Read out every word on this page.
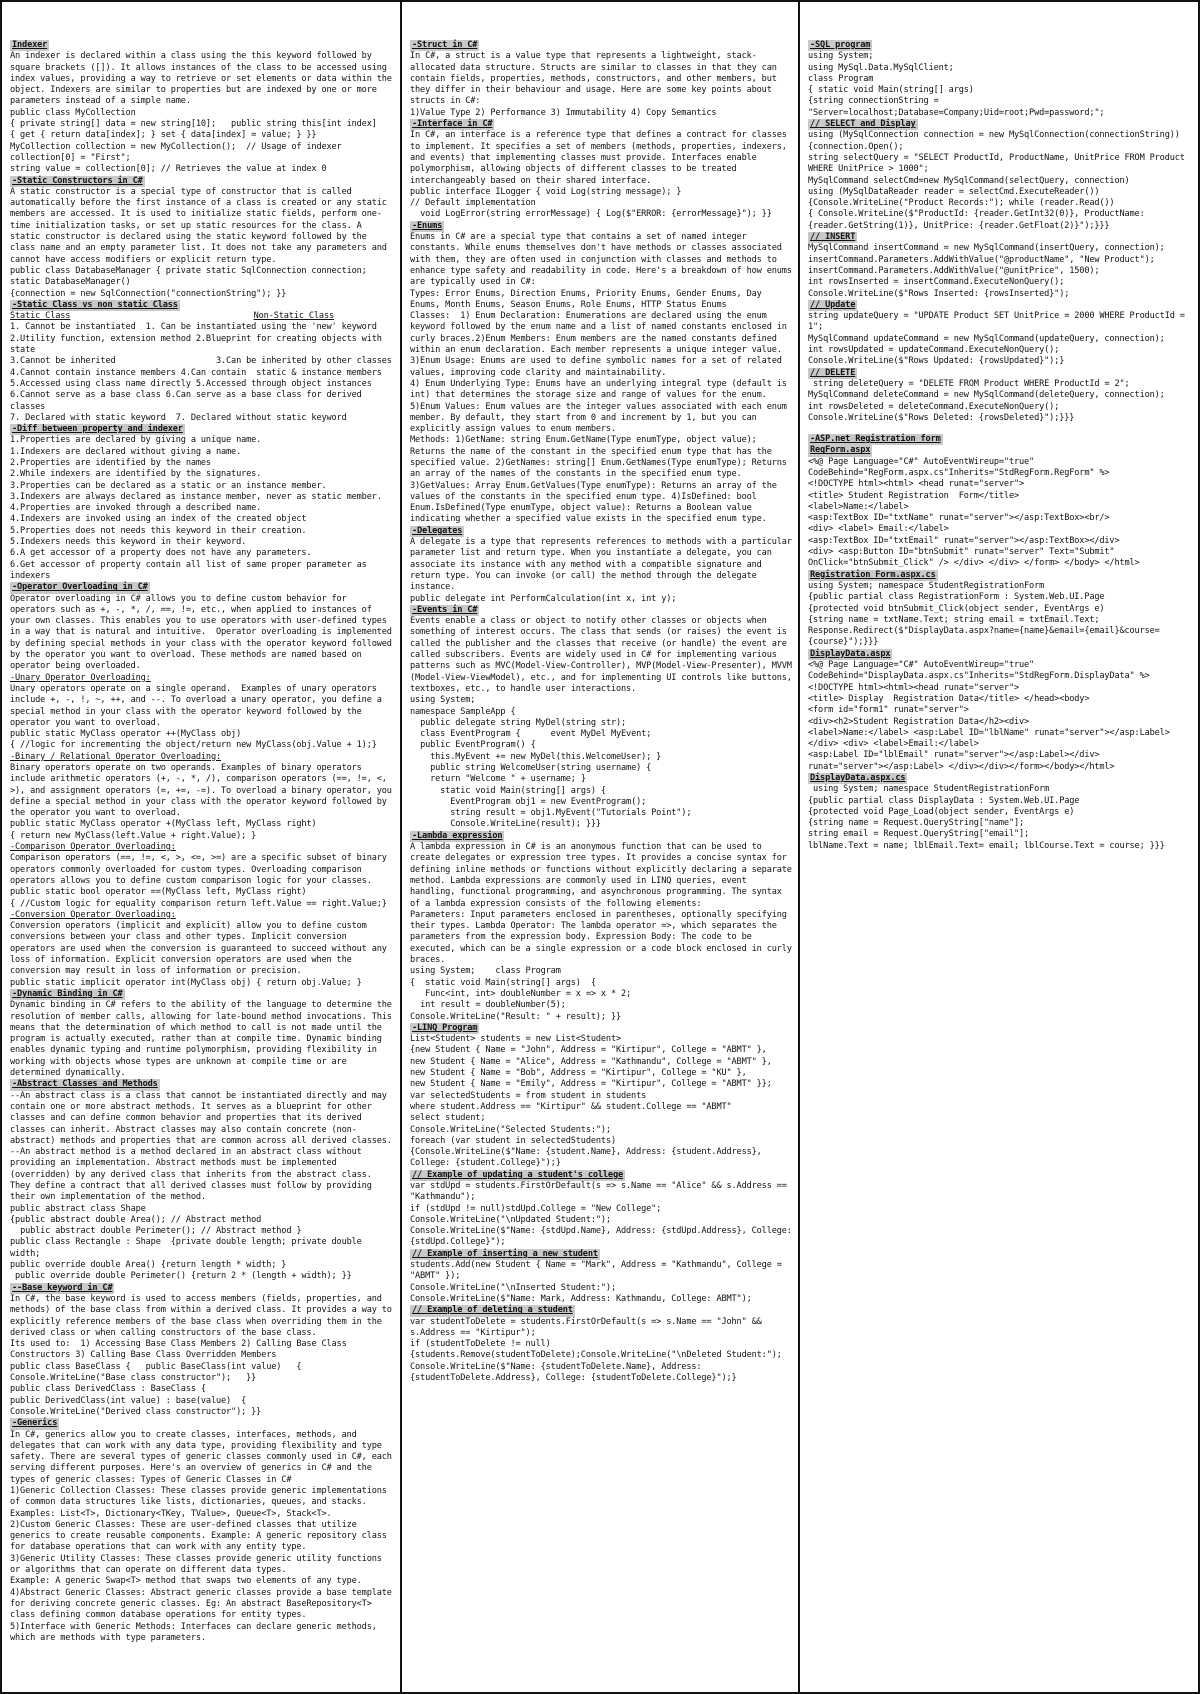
Indexer
An indexer is declared within a class using the this keyword followed by square brackets ([]). It allows instances of the class to be accessed using index values, providing a way to retrieve or set elements or data within the object. Indexers are similar to properties but are indexed by one or more parameters instead of a simple name.
public class MyCollection
{ private string[] data = new string[10];   public string this[int index]
{ get { return data[index]; } set { data[index] = value; } }}
MyCollection collection = new MyCollection();  // Usage of indexer
collection[0] = "First";
string value = collection[0]; // Retrieves the value at index 0
-Static Constructors in C#
A static constructor is a special type of constructor that is called automatically before the first instance of a class is created or any static members are accessed. It is used to initialize static fields, perform one-time initialization tasks, or set up static resources for the class. A static constructor is declared using the static keyword followed by the class name and an empty parameter list. It does not take any parameters and cannot have access modifiers or explicit return type.
public class DatabaseManager { private static SqlConnection connection;
static DatabaseManager()
{connection = new SqlConnection("connectionString"); }}
-Static Class vs non static Class
Static Class	Non-Static Class
1. Cannot be instantiated  1. Can be instantiated using the 'new' keyword
2.Utility function, extension method 2.Blueprint for creating objects with state
3.Cannot be inherited                    3.Can be inherited by other classes
4.Cannot contain instance members 4.Can contain  static & instance members
5.Accessed using class name directly 5.Accessed through object instances
6.Cannot serve as a base class 6.Can serve as a base class for derived classes
7. Declared with static keyword  7. Declared without static keyword
-Diff between property and indexer
1.Properties are declared by giving a unique name.
1.Indexers are declared without giving a name.
2.Properties are identified by the names
2.While indexers are identified by the signatures.
3.Properties can be declared as a static or an instance member.
3.Indexers are always declared as instance member, never as static member.
4.Properties are invoked through a described name.
4.Indexers are invoked using an index of the created object
5.Properties does not needs this keyword in their creation.
5.Indexers needs this keyword in their keyword.
6.A get accessor of a property does not have any parameters.
6.Get accessor of property contain all list of same proper parameter as indexers
-Operator Overloading in C#
Operator overloading in C# allows you to define custom behavior for operators such as +, -, *, /, ==, !=, etc., when applied to instances of your own classes. This enables you to use operators with user-defined types in a way that is natural and intuitive.  Operator overloading is implemented by defining special methods in your class with the operator keyword followed by the operator you want to overload. These methods are named based on operator being overloaded.
-Unary Operator Overloading:
Unary operators operate on a single operand.  Examples of unary operators include +, -, !, ~, ++, and --. To overload a unary operator, you define a special method in your class with the operator keyword followed by the operator you want to overload.
public static MyClass operator ++(MyClass obj)
{ //logic for incrementing the object/return new MyClass(obj.Value + 1);}
-Binary / Relational Operator Overloading:
Binary operators operate on two operands. Examples of binary operators include arithmetic operators (+, -, *, /), comparison operators (==, !=, <, >), and assignment operators (=, +=, -=). To overload a binary operator, you define a special method in your class with the operator keyword followed by the operator you want to overload.
public static MyClass operator +(MyClass left, MyClass right)
{ return new MyClass(left.Value + right.Value); }
-Comparison Operator Overloading:
Comparison operators (==, !=, <, >, <=, >=) are a specific subset of binary operators commonly overloaded for custom types. Overloading comparison operators allows you to define custom comparison logic for your classes.
public static bool operator ==(MyClass left, MyClass right)
{ //Custom logic for equality comparison return left.Value == right.Value;}
-Conversion Operator Overloading:
Conversion operators (implicit and explicit) allow you to define custom conversions between your class and other types. Implicit conversion operators are used when the conversion is guaranteed to succeed without any loss of information. Explicit conversion operators are used when the conversion may result in loss of information or precision.
public static implicit operator int(MyClass obj) { return obj.Value; }
-Dynamic Binding in C#
Dynamic binding in C# refers to the ability of the language to determine the resolution of member calls, allowing for late-bound method invocations. This means that the determination of which method to call is not made until the program is actually executed, rather than at compile time. Dynamic binding enables dynamic typing and runtime polymorphism, providing flexibility in working with objects whose types are unknown at compile time or are determined dynamically.
-Abstract Classes and Methods
--An abstract class is a class that cannot be instantiated directly and may contain one or more abstract methods. It serves as a blueprint for other classes and can define common behavior and properties that its derived classes can inherit. Abstract classes may also contain concrete (non-abstract) methods and properties that are common across all derived classes.
--An abstract method is a method declared in an abstract class without providing an implementation. Abstract methods must be implemented (overridden) by any derived class that inherits from the abstract class. They define a contract that all derived classes must follow by providing their own implementation of the method.
public abstract class Shape
{public abstract double Area(); // Abstract method
public abstract double Perimeter(); // Abstract method }
public class Rectangle : Shape  {private double length; private double width;
public override double Area() {return length * width; }
public override double Perimeter() {return 2 * (length + width); }}
--Base keyword in C#
In C#, the base keyword is used to access members (fields, properties, and methods) of the base class from within a derived class. It provides a way to explicitly reference members of the base class when overriding them in the derived class or when calling constructors of the base class.
Its used to:  1) Accessing Base Class Members 2) Calling Base Class Constructors 3) Calling Base Class Overridden Members
public class BaseClass {   public BaseClass(int value)   {
Console.WriteLine("Base class constructor");   }}
public class DerivedClass : BaseClass {
public DerivedClass(int value) : base(value)  {
Console.WriteLine("Derived class constructor"); }}
-Generics
In C#, generics allow you to create classes, interfaces, methods, and delegates that can work with any data type, providing flexibility and type safety. There are several types of generic classes commonly used in C#, each serving different purposes. Here's an overview of generics in C# and the types of generic classes: Types of Generic Classes in C#
1)Generic Collection Classes: These classes provide generic implementations of common data structures like lists, dictionaries, queues, and stacks. Examples: List<T>, Dictionary<TKey, TValue>, Queue<T>, Stack<T>.
2)Custom Generic Classes: These are user-defined classes that utilize generics to create reusable components. Example: A generic repository class for database operations that can work with any entity type.
3)Generic Utility Classes: These classes provide generic utility functions or algorithms that can operate on different data types.
Example: A generic Swap<T> method that swaps two elements of any type.
4)Abstract Generic Classes: Abstract generic classes provide a base template for deriving concrete generic classes. Eg: An abstract BaseRepository<T> class defining common database operations for entity types.
5)Interface with Generic Methods: Interfaces can declare generic methods, which are methods with type parameters.
-Struct in C#
In C#, a struct is a value type that represents a lightweight, stack-allocated data structure. Structs are similar to classes in that they can contain fields, properties, methods, constructors, and other members, but they differ in their behaviour and usage. Here are some key points about structs in C#:
1)Value Type 2) Performance 3) Immutability 4) Copy Semantics
-Interface in C#
In C#, an interface is a reference type that defines a contract for classes to implement. It specifies a set of members (methods, properties, indexers, and events) that implementing classes must provide. Interfaces enable polymorphism, allowing objects of different classes to be treated interchangeably based on their shared interface.
public interface ILogger { void Log(string message); }
// Default implementation
void LogError(string errorMessage) { Log($"ERROR: {errorMessage}"); }}
-Enums
Enums in C# are a special type that contains a set of named integer constants. While enums themselves don't have methods or classes associated with them, they are often used in conjunction with classes and methods to enhance type safety and readability in code. Here's a breakdown of how enums are typically used in C#:
Types: Error Enums, Direction Enums, Priority Enums, Gender Enums, Day Enums, Month Enums, Season Enums, Role Enums, HTTP Status Enums
Classes:  1) Enum Declaration: Enumerations are declared using the enum keyword followed by the enum name and a list of named constants enclosed in curly braces.2)Enum Members: Enum members are the named constants defined within an enum declaration. Each member represents a unique integer value. 3)Enum Usage: Enums are used to define symbolic names for a set of related values, improving code clarity and maintainability.
4) Enum Underlying Type: Enums have an underlying integral type (default is int) that determines the storage size and range of values for the enum.
5)Enum Values: Enum values are the integer values associated with each enum member. By default, they start from 0 and increment by 1, but you can explicitly assign values to enum members.
Methods: 1)GetName: string Enum.GetName(Type enumType, object value); Returns the name of the constant in the specified enum type that has the specified value. 2)GetNames: string[] Enum.GetNames(Type enumType); Returns an array of the names of the constants in the specified enum type.
3)GetValues: Array Enum.GetValues(Type enumType): Returns an array of the values of the constants in the specified enum type. 4)IsDefined: bool Enum.IsDefined(Type enumType, object value): Returns a Boolean value indicating whether a specified value exists in the specified enum type.
-Delegates
A delegate is a type that represents references to methods with a particular parameter list and return type. When you instantiate a delegate, you can associate its instance with any method with a compatible signature and return type. You can invoke (or call) the method through the delegate instance.
public delegate int PerformCalculation(int x, int y);
-Events in C#
Events enable a class or object to notify other classes or objects when something of interest occurs. The class that sends (or raises) the event is called the publisher and the classes that receive (or handle) the event are called subscribers. Events are widely used in C# for implementing various patterns such as MVC(Model-View-Controller), MVP(Model-View-Presenter), MVVM (Model-View-ViewModel), etc., and for implementing UI controls like buttons, textboxes, etc., to handle user interactions.
using System;
namespace SampleApp {
public delegate string MyDel(string str);
class EventProgram {      event MyDel MyEvent;
public EventProgram() {
this.MyEvent += new MyDel(this.WelcomeUser); }
public string WelcomeUser(string username) {
return "Welcome " + username; }
static void Main(string[] args) {
EventProgram obj1 = new EventProgram();
string result = obj1.MyEvent("Tutorials Point");
Console.WriteLine(result); }}}
-Lambda expression
A lambda expression in C# is an anonymous function that can be used to create delegates or expression tree types. It provides a concise syntax for defining inline methods or functions without explicitly declaring a separate method. Lambda expressions are commonly used in LINQ queries, event handling, functional programming, and asynchronous programming. The syntax of a lambda expression consists of the following elements:
Parameters: Input parameters enclosed in parentheses, optionally specifying their types. Lambda Operator: The lambda operator =>, which separates the parameters from the expression body. Expression Body: The code to be executed, which can be a single expression or a code block enclosed in curly braces.
using System;    class Program
{  static void Main(string[] args)  {
Func<int, int> doubleNumber = x => x * 2;
int result = doubleNumber(5);
Console.WriteLine("Result: " + result); }}
-LINQ Program
List<Student> students = new List<Student>
{new Student { Name = "John", Address = "Kirtipur", College = "ABMT" },
new Student { Name = "Alice", Address = "Kathmandu", College = "ABMT" },
new Student { Name = "Bob", Address = "Kirtipur", College = "KU" },
new Student { Name = "Emily", Address = "Kirtipur", College = "ABMT" }};
var selectedStudents = from student in students
where student.Address == "Kirtipur" && student.College == "ABMT"
select student;
Console.WriteLine("Selected Students:");
foreach (var student in selectedStudents)
{Console.WriteLine($"Name: {student.Name}, Address: {student.Address}, College: {student.College}");}
// Example of updating a student's college
var stdUpd = students.FirstOrDefault(s => s.Name == "Alice" && s.Address == "Kathmandu");
if (stdUpd != null)stdUpd.College = "New College";
Console.WriteLine("\nUpdated Student:");
Console.WriteLine($"Name: {stdUpd.Name}, Address: {stdUpd.Address}, College: {stdUpd.College}");
// Example of inserting a new student
students.Add(new Student { Name = "Mark", Address = "Kathmandu", College = "ABMT" });
Console.WriteLine("\nInserted Student:");
Console.WriteLine($"Name: Mark, Address: Kathmandu, College: ABMT");
// Example of deleting a student
var studentToDelete = students.FirstOrDefault(s => s.Name == "John" && s.Address == "Kirtipur");
if (studentToDelete != null){students.Remove(studentToDelete);Console.WriteLine("\nDeleted Student:");
Console.WriteLine($"Name: {studentToDelete.Name}, Address: {studentToDelete.Address}, College: {studentToDelete.College}");}
-SQL program
using System;
using MySql.Data.MySqlClient;
class Program
{ static void Main(string[] args)
{string connectionString =
"Server=localhost;Database=Company;Uid=root;Pwd=password;";
// SELECT and Display
using (MySqlConnection connection = new MySqlConnection(connectionString))
{connection.Open();
string selectQuery = "SELECT ProductId, ProductName, UnitPrice FROM Product WHERE UnitPrice > 1000";
MySqlCommand selectCmd=new MySqlCommand(selectQuery, connection)
using (MySqlDataReader reader = selectCmd.ExecuteReader())
{Console.WriteLine("Product Records:"); while (reader.Read())
{ Console.WriteLine($"ProductId: {reader.GetInt32(0)}, ProductName: {reader.GetString(1)}, UnitPrice: {reader.GetFloat(2)}");}}}
// INSERT
MySqlCommand insertCommand = new MySqlCommand(insertQuery, connection);
insertCommand.Parameters.AddWithValue("@productName", "New Product");
insertCommand.Parameters.AddWithValue("@unitPrice", 1500);
int rowsInserted = insertCommand.ExecuteNonQuery();
Console.WriteLine($"Rows Inserted: {rowsInserted}");
// Update
string updateQuery = "UPDATE Product SET UnitPrice = 2000 WHERE ProductId = 1";
MySqlCommand updateCommand = new MySqlCommand(updateQuery, connection);
int rowsUpdated = updateCommand.ExecuteNonQuery();
Console.WriteLine($"Rows Updated: {rowsUpdated}");}
// DELETE
string deleteQuery = "DELETE FROM Product WHERE ProductId = 2";
MySqlCommand deleteCommand = new MySqlCommand(deleteQuery, connection);
int rowsDeleted = deleteCommand.ExecuteNonQuery();
Console.WriteLine($"Rows Deleted: {rowsDeleted}");}}}
-ASP.net Registration form
RegForm.aspx
<%@ Page Language="C#" AutoEventWireup="true" CodeBehind="RegForm.aspx.cs"Inherits="StdRegForm.RegForm" %>
<!DOCTYPE html><html> <head runat="server">
<title> Student Registration  Form</title>
<label>Name:</label>
<asp:TextBox ID="txtName" runat="server"></asp:TextBox><br/>
<div> <label> Email:</label>
<asp:TextBox ID="txtEmail" runat="server"></asp:TextBox></div>
<div> <asp:Button ID="btnSubmit" runat="server" Text="Submit" OnClick="btnSubmit_Click" /> </div> </div> </form> </body> </html>
Registration Form.aspx.cs
using System; namespace StudentRegistrationForm
{public partial class RegistrationForm : System.Web.UI.Page
{protected void btnSubmit_Click(object sender, EventArgs e)
{string name = txtName.Text; string email = txtEmail.Text;
Response.Redirect($"DisplayData.aspx?name={name}&email={email}&course={course}");}}}
DisplayData.aspx
<%@ Page Language="C#" AutoEventWireup="true" CodeBehind="DisplayData.aspx.cs"Inherits="StdRegForm.DisplayData" %>
<!DOCTYPE html><html><head runat="server">
<title> Display  Registration Data</title> </head><body>
<form id="form1" runat="server">
<div><h2>Student Registration Data</h2><div>
<label>Name:</label> <asp:Label ID="lblName" runat="server"></asp:Label>
</div> <div> <label>Email:</label>
<asp:Label ID="lblEmail" runat="server"></asp:Label></div>
runat="server"></asp:Label> </div></div></form></body></html>
DisplayData.aspx.cs
using System; namespace StudentRegistrationForm
{public partial class DisplayData : System.Web.UI.Page
{protected void Page_Load(object sender, EventArgs e)
{string name = Request.QueryString["name"];
string email = Request.QueryString["email"];
lblName.Text = name; lblEmail.Text= email; lblCourse.Text = course; }}}
